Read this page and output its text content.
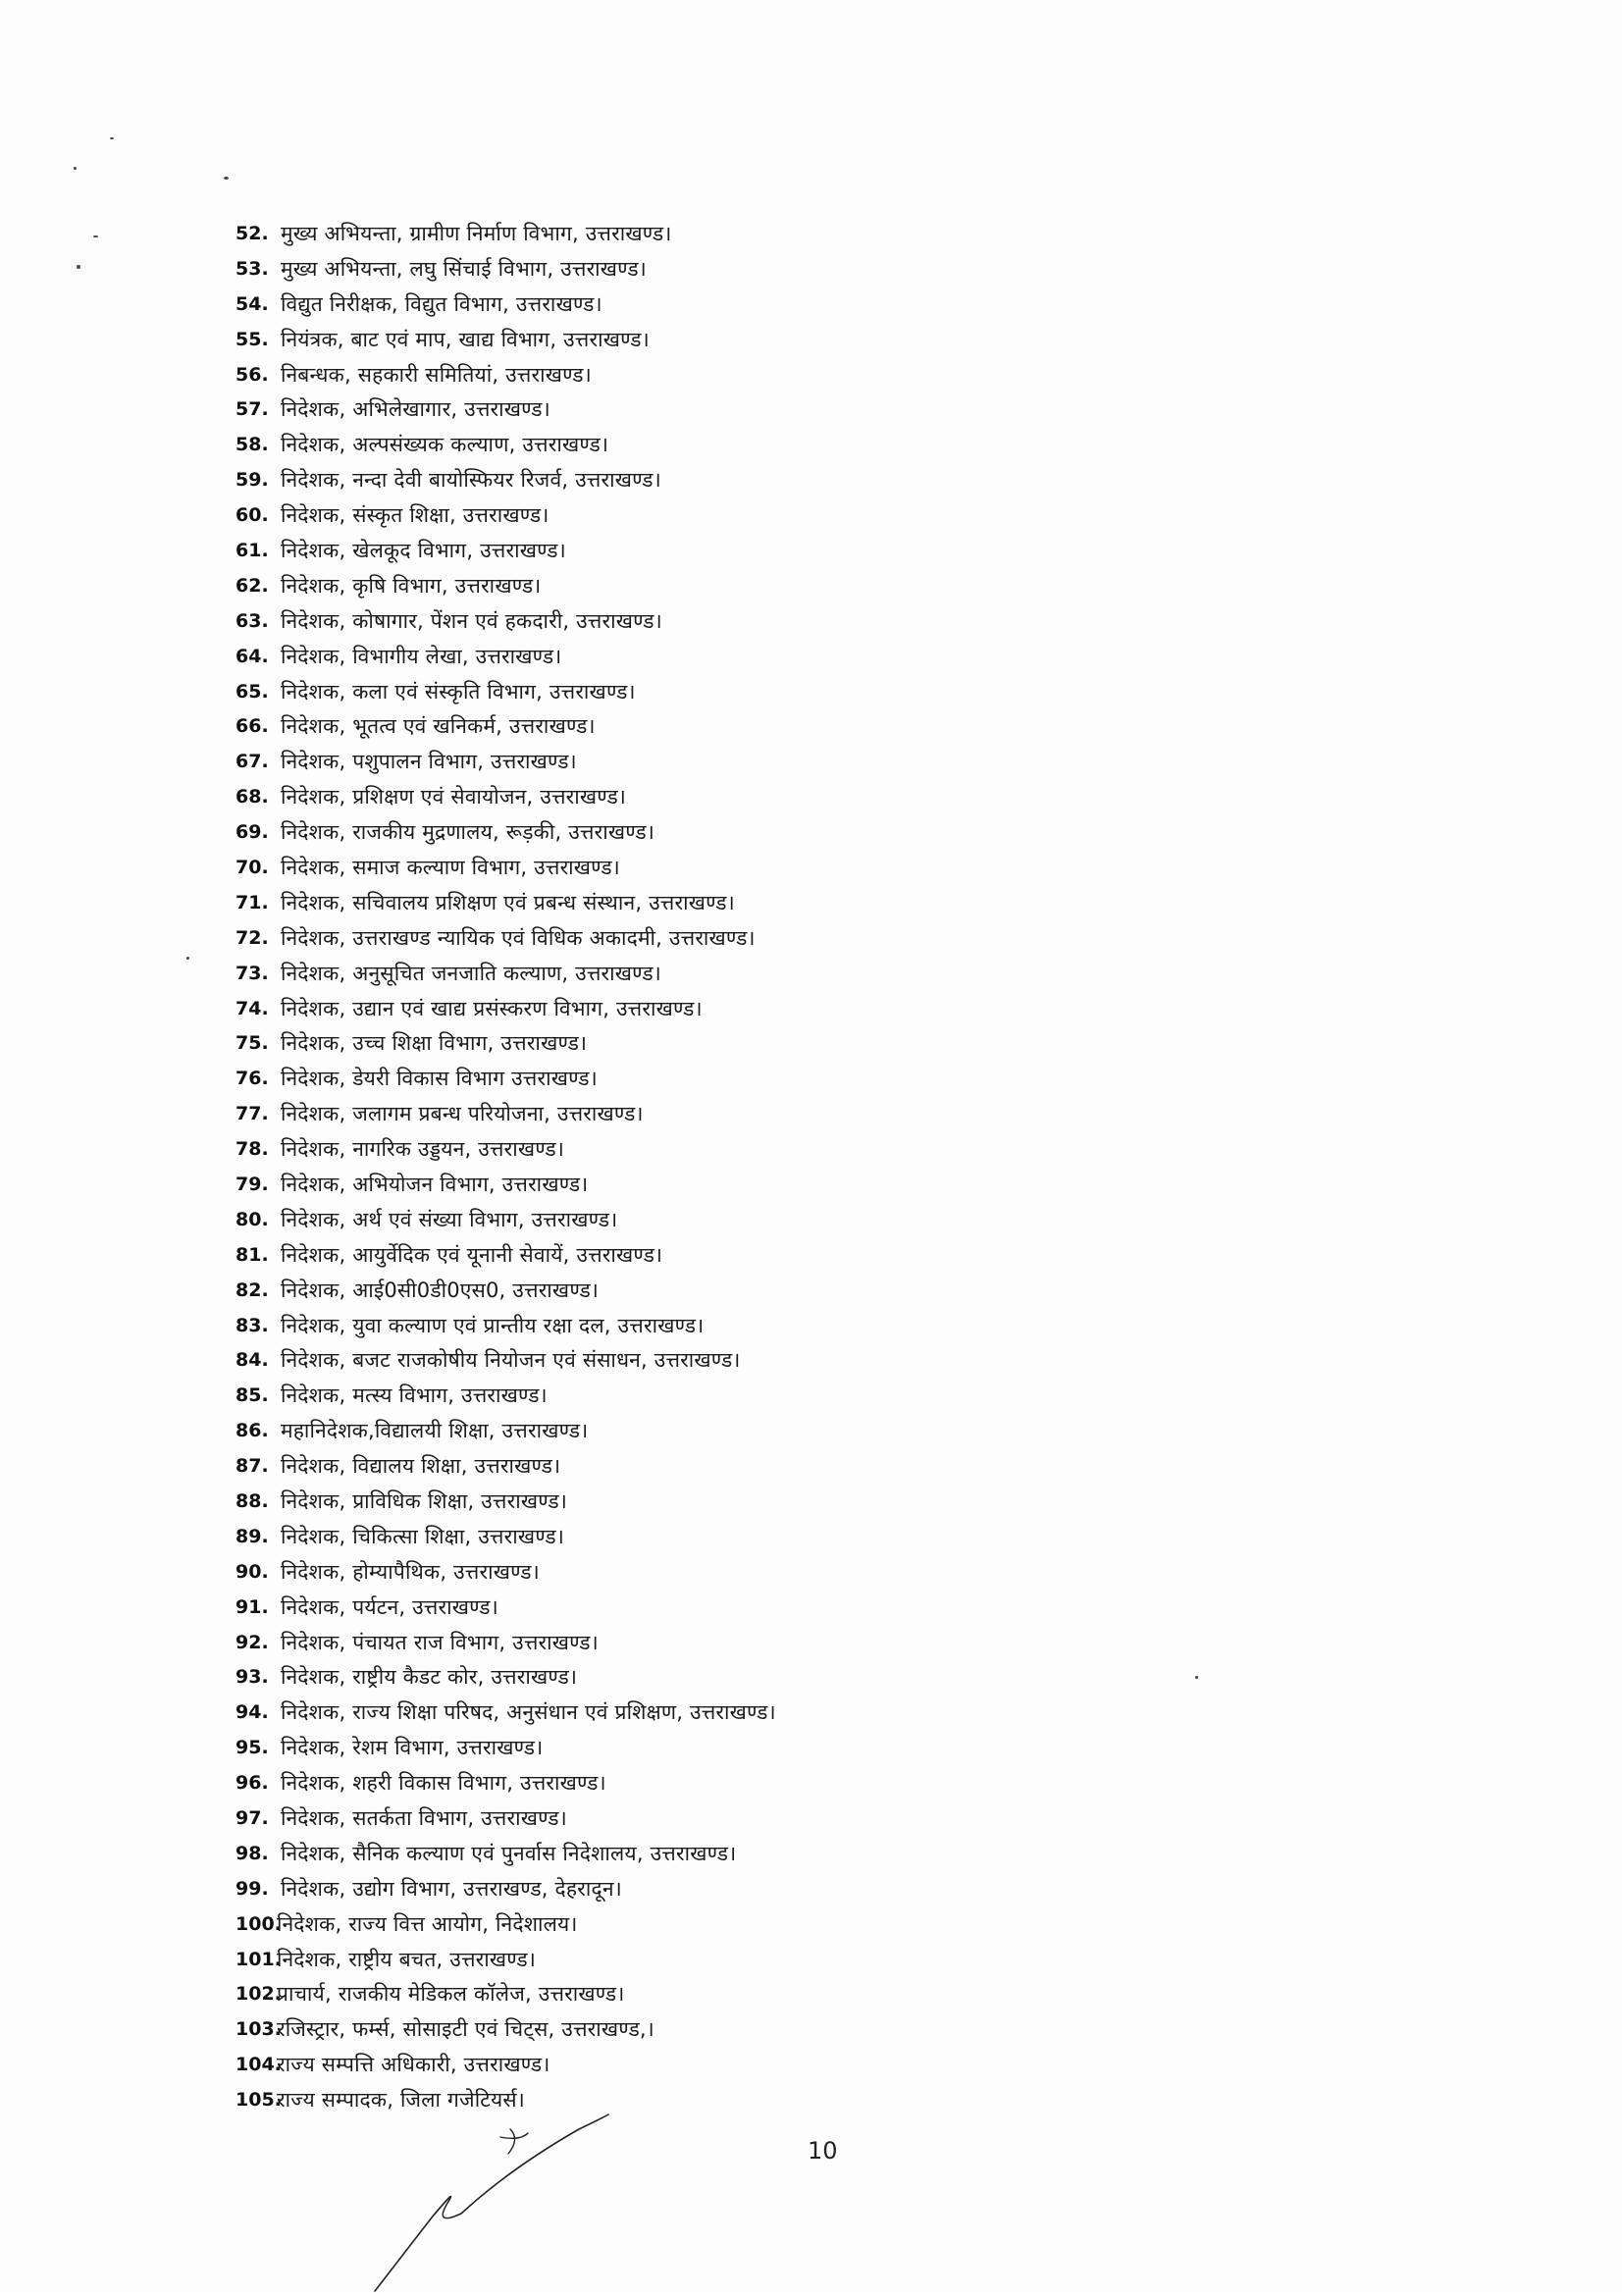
52. मुख्य अभियन्ता, ग्रामीण निर्माण विभाग, उत्तराखण्ड।
53. मुख्य अभियन्ता, लघु सिंचाई विभाग, उत्तराखण्ड।
54. विद्युत निरीक्षक, विद्युत विभाग, उत्तराखण्ड।
55. नियंत्रक, बाट एवं माप, खाद्य विभाग, उत्तराखण्ड।
56. निबन्धक, सहकारी समितियां, उत्तराखण्ड।
57. निदेशक, अभिलेखागार, उत्तराखण्ड।
58. निदेशक, अल्पसंख्यक कल्याण, उत्तराखण्ड।
59. निदेशक, नन्दा देवी बायोस्फियर रिजर्व, उत्तराखण्ड।
60. निदेशक, संस्कृत शिक्षा, उत्तराखण्ड।
61. निदेशक, खेलकूद विभाग, उत्तराखण्ड।
62. निदेशक, कृषि विभाग, उत्तराखण्ड।
63. निदेशक, कोषागार, पेंशन एवं हकदारी, उत्तराखण्ड।
64. निदेशक, विभागीय लेखा, उत्तराखण्ड।
65. निदेशक, कला एवं संस्कृति विभाग, उत्तराखण्ड।
66. निदेशक, भूतत्व एवं खनिकर्म, उत्तराखण्ड।
67. निदेशक, पशुपालन विभाग, उत्तराखण्ड।
68. निदेशक, प्रशिक्षण एवं सेवायोजन, उत्तराखण्ड।
69. निदेशक, राजकीय मुद्रणालय, रूड़की, उत्तराखण्ड।
70. निदेशक, समाज कल्याण विभाग, उत्तराखण्ड।
71. निदेशक, सचिवालय प्रशिक्षण एवं प्रबन्ध संस्थान, उत्तराखण्ड।
72. निदेशक, उत्तराखण्ड न्यायिक एवं विधिक अकादमी, उत्तराखण्ड।
73. निदेशक, अनुसूचित जनजाति कल्याण, उत्तराखण्ड।
74. निदेशक, उद्यान एवं खाद्य प्रसंस्करण विभाग, उत्तराखण्ड।
75. निदेशक, उच्च शिक्षा विभाग, उत्तराखण्ड।
76. निदेशक, डेयरी विकास विभाग उत्तराखण्ड।
77. निदेशक, जलागम प्रबन्ध परियोजना, उत्तराखण्ड।
78. निदेशक, नागरिक उड्डयन, उत्तराखण्ड।
79. निदेशक, अभियोजन विभाग, उत्तराखण्ड।
80. निदेशक, अर्थ एवं संख्या विभाग, उत्तराखण्ड।
81. निदेशक, आयुर्वेदिक एवं यूनानी सेवायें, उत्तराखण्ड।
82. निदेशक, आई0सी0डी0एस0, उत्तराखण्ड।
83. निदेशक, युवा कल्याण एवं प्रान्तीय रक्षा दल, उत्तराखण्ड।
84. निदेशक, बजट राजकोषीय नियोजन एवं संसाधन, उत्तराखण्ड।
85. निदेशक, मत्स्य विभाग, उत्तराखण्ड।
86. महानिदेशक,विद्यालयी शिक्षा, उत्तराखण्ड।
87. निदेशक, विद्यालय शिक्षा, उत्तराखण्ड।
88. निदेशक, प्राविधिक शिक्षा, उत्तराखण्ड।
89. निदेशक, चिकित्सा शिक्षा, उत्तराखण्ड।
90. निदेशक, होम्यापैथिक, उत्तराखण्ड।
91. निदेशक, पर्यटन, उत्तराखण्ड।
92. निदेशक, पंचायत राज विभाग, उत्तराखण्ड।
93. निदेशक, राष्ट्रीय कैडट कोर, उत्तराखण्ड।
94. निदेशक, राज्य शिक्षा परिषद, अनुसंधान एवं प्रशिक्षण, उत्तराखण्ड।
95. निदेशक, रेशम विभाग, उत्तराखण्ड।
96. निदेशक, शहरी विकास विभाग, उत्तराखण्ड।
97. निदेशक, सतर्कता विभाग, उत्तराखण्ड।
98. निदेशक, सैनिक कल्याण एवं पुनर्वास निदेशालय, उत्तराखण्ड।
99. निदेशक, उद्योग विभाग, उत्तराखण्ड, देहरादून।
100.
निदेशक, राज्य वित्त आयोग, निदेशालय।
101.
निदेशक, राष्ट्रीय बचत, उत्तराखण्ड।
102.
प्राचार्य, राजकीय मेडिकल कॉलेज, उत्तराखण्ड।
103.
रजिस्ट्रार, फर्म्स, सोसाइटी एवं चिट्स, उत्तराखण्ड,।
104.
राज्य सम्पत्ति अधिकारी, उत्तराखण्ड।
105.
राज्य सम्पादक, जिला गजेटियर्स।
10
